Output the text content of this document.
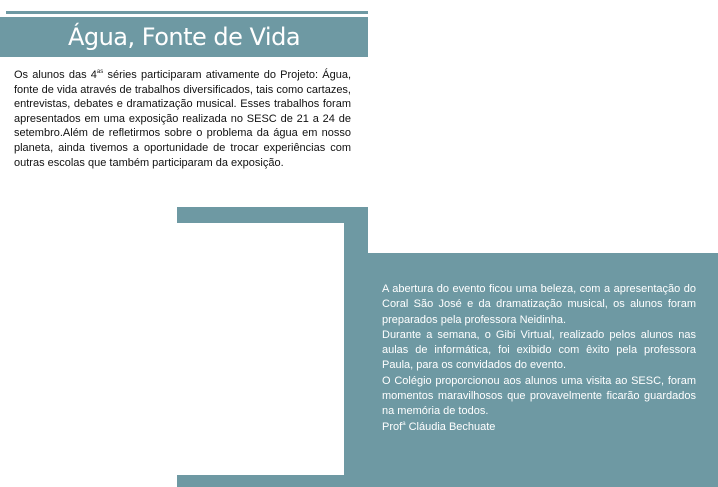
Água, Fonte de Vida

Os alunos das $4^{as}$ séries participaram ativamente do Projeto: Água, fonte de vida através de trabalhos diversificados, tais como cartazes, entrevistas, debates e dramatização musical. Esses trabalhos foram apresentados em uma exposição realizada no SESC de 21 a 24 de setembro.Além de refletirmos sobre o problema da água em nosso planeta, ainda tivemos a oportunidade de trocar experiências com outras escolas que também participaram da exposição.

A abertura do evento ficou uma beleza, com a apresentação do Coral São José e da dramatização musical, os alunos foram preparados pela professora Neidinha.

Durante a semana, o Gibi Virtual, realizado pelos alunos nas aulas de informática, foi exibido com êxito pela professora Paula, para os convidados do evento.

O Colégio proporcionou aos alunos uma visita ao SESC, foram momentos maravilhosos que provavelmente ficarão guardados na memória de todos.

Prof$^a$ Cláudia Bechuate
